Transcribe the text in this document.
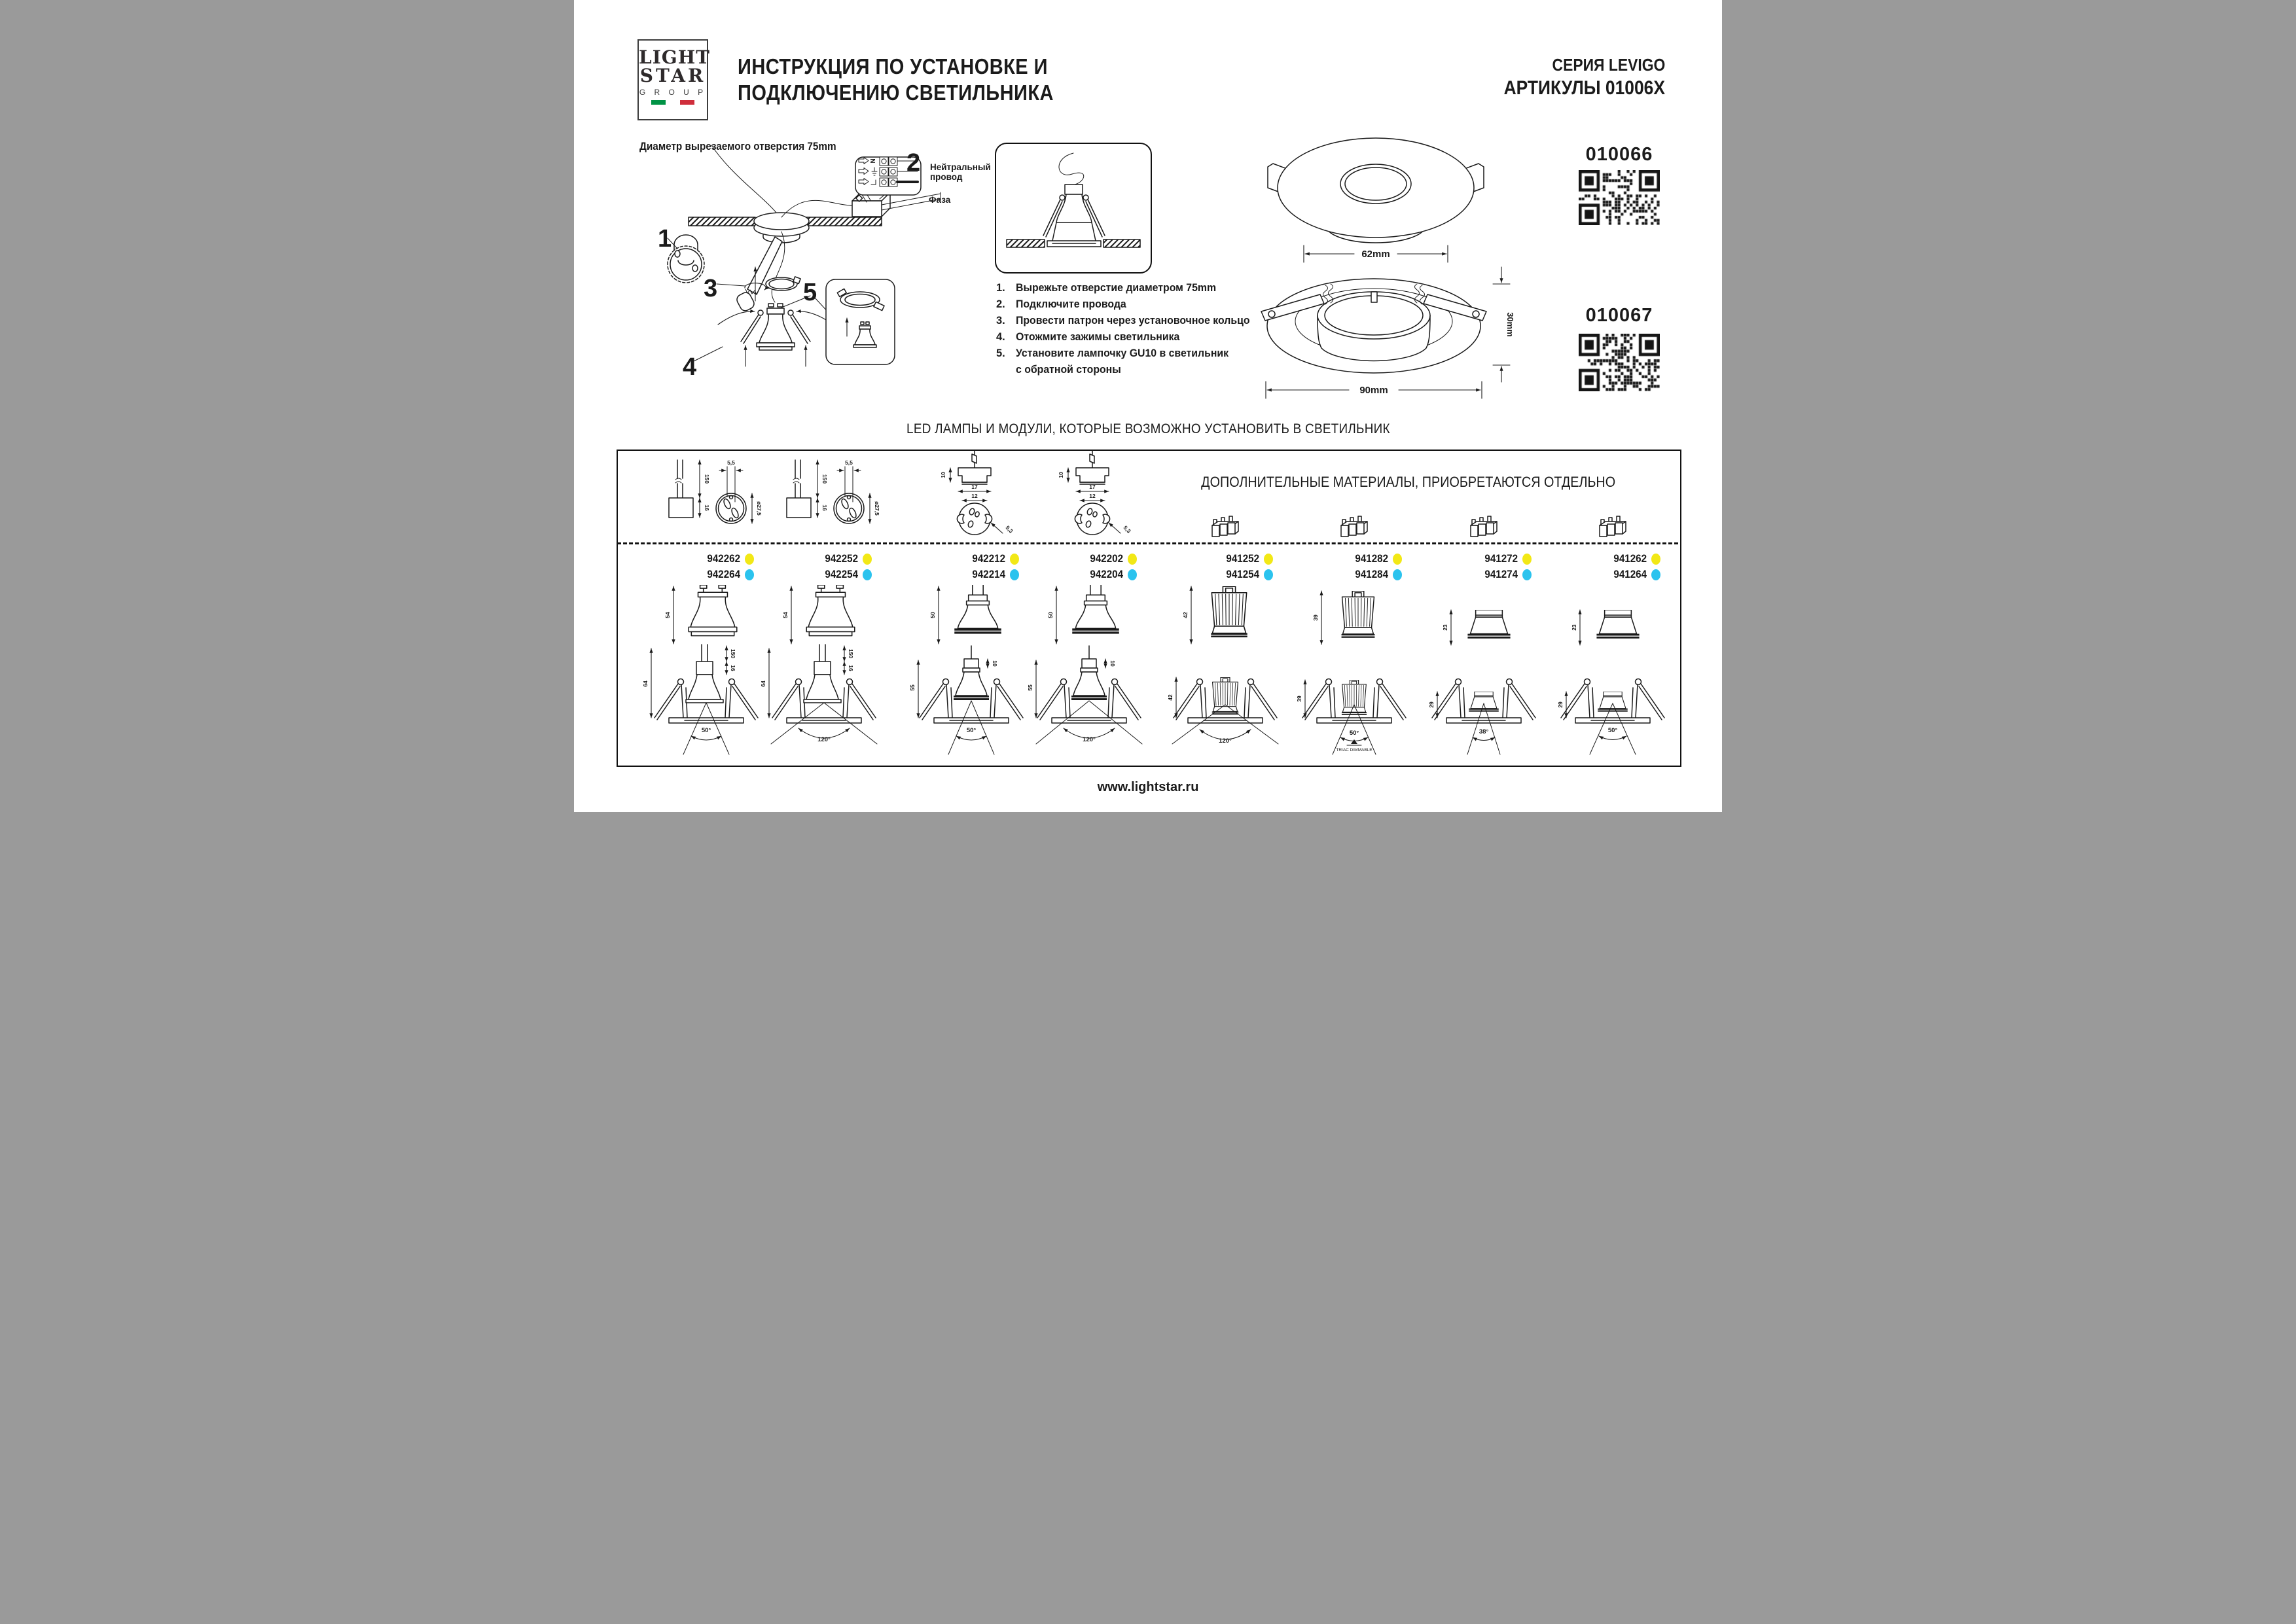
LIGHT
STAR
G R O U P
ИНСТРУКЦИЯ ПО УСТАНОВКЕ И
ПОДКЛЮЧЕНИЮ СВЕТИЛЬНИКА
СЕРИЯ LEVIGO
АРТИКУЛЫ 01006X
Диаметр вырезаемого отверстия 75mm
N
1
2
3
4
5
Нейтральный
провод
Фаза
1. Вырежьте отверстие диаметром 75mm
2. Подключите провода
3. Провести патрон через установочное кольцо
4. Отожмите зажимы светильника
5. Установите лампочку GU10 в светильник
с обратной стороны
62mm
90mm
30mm
010066
010067
LED ЛАМПЫ И МОДУЛИ, КОТОРЫЕ ВОЗМОЖНО УСТАНОВИТЬ В СВЕТИЛЬНИК
ДОПОЛНИТЕЛЬНЫЕ МАТЕРИАЛЫ, ПРИОБРЕТАЮТСЯ ОТДЕЛЬНО
150
16
5,5
ø27,5
942262
942264
54
150
16
64
50°
150
16
5,5
ø27,5
942252
942254
54
150
16
64
120°
10
17
12
5,3
942212
942214
50
10
55
50°
10
17
12
5,3
942202
942204
50
10
55
120°
941252
941254
42
42
120°
941282
941284
39
39
50°
TRIAC DIMMABLE
941272
941274
23
29
38°
941262
941264
23
29
50°
www.lightstar.ru
